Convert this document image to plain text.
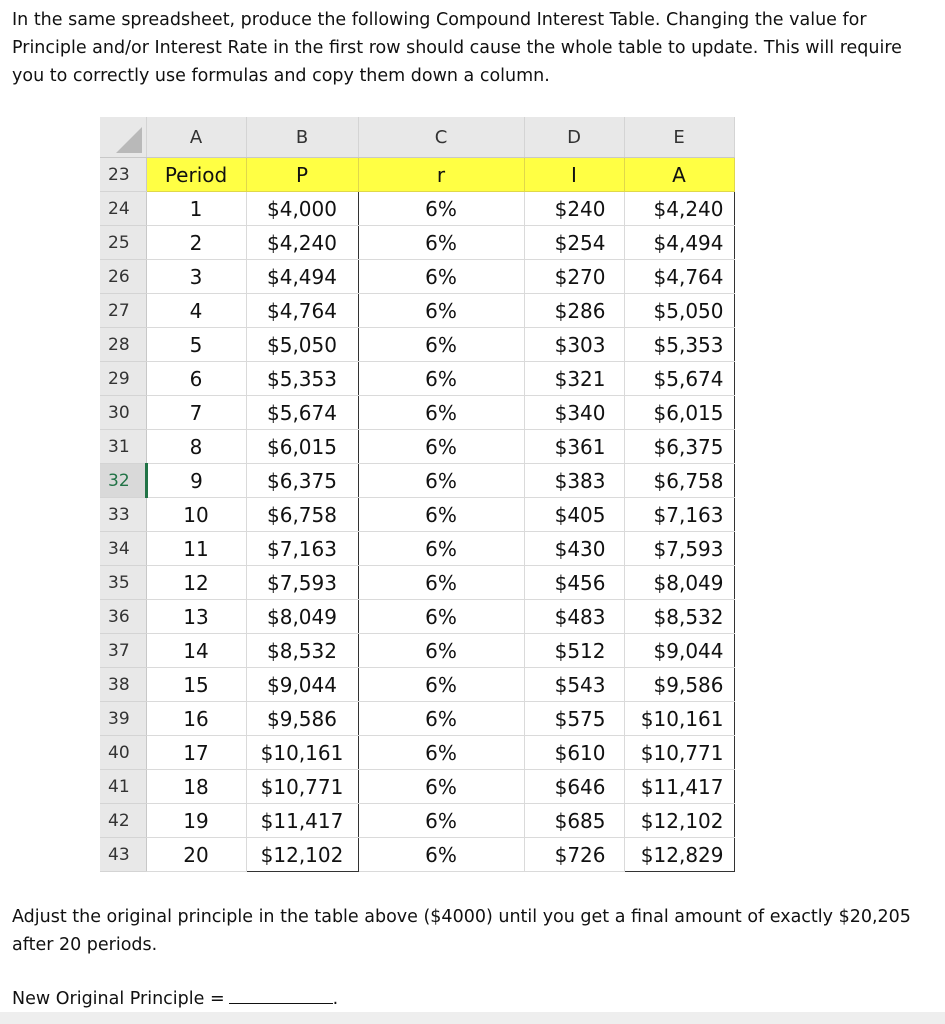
In the same spreadsheet, produce the following Compound Interest Table. Changing the value for Principle and/or Interest Rate in the first row should cause the whole table to update. This will require you to correctly use formulas and copy them down a column.

	A	B	C	D	E
23	Period	P	r	I	A
24	1	$4,000	6%	$240	$4,240
25	2	$4,240	6%	$254	$4,494
26	3	$4,494	6%	$270	$4,764
27	4	$4,764	6%	$286	$5,050
28	5	$5,050	6%	$303	$5,353
29	6	$5,353	6%	$321	$5,674
30	7	$5,674	6%	$340	$6,015
31	8	$6,015	6%	$361	$6,375
32	9	$6,375	6%	$383	$6,758
33	10	$6,758	6%	$405	$7,163
34	11	$7,163	6%	$430	$7,593
35	12	$7,593	6%	$456	$8,049
36	13	$8,049	6%	$483	$8,532
37	14	$8,532	6%	$512	$9,044
38	15	$9,044	6%	$543	$9,586
39	16	$9,586	6%	$575	$10,161
40	17	$10,161	6%	$610	$10,771
41	18	$10,771	6%	$646	$11,417
42	19	$11,417	6%	$685	$12,102
43	20	$12,102	6%	$726	$12,829

Adjust the original principle in the table above ($4000) until you get a final amount of exactly $20,205 after 20 periods.

New Original Principle =	.
